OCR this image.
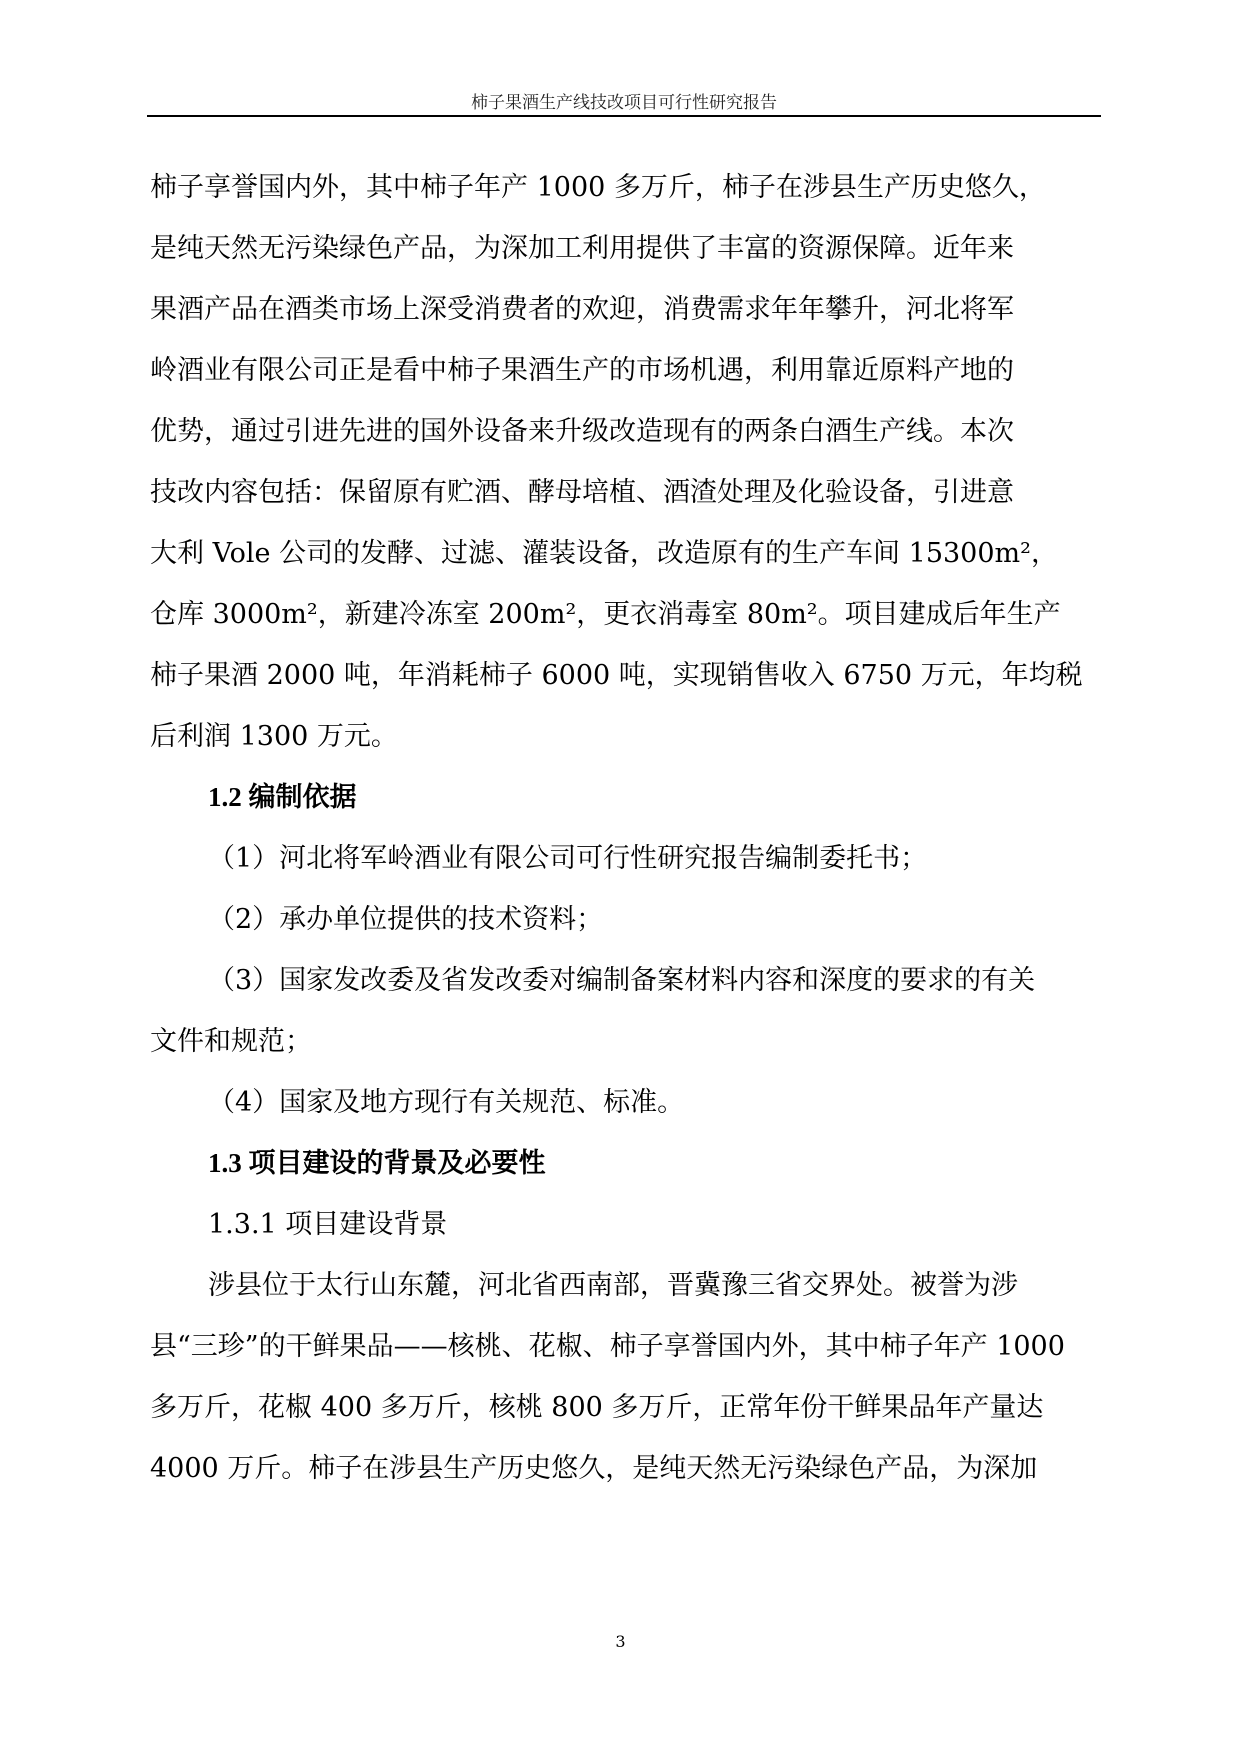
柿子果酒生产线技改项目可行性研究报告
柿子享誉国内外，其中柿子年产 1000 多万斤，柿子在涉县生产历史悠久，
是纯天然无污染绿色产品，为深加工利用提供了丰富的资源保障。近年来
果酒产品在酒类市场上深受消费者的欢迎，消费需求年年攀升，河北将军
岭酒业有限公司正是看中柿子果酒生产的市场机遇，利用靠近原料产地的
优势，通过引进先进的国外设备来升级改造现有的两条白酒生产线。本次
技改内容包括：保留原有贮酒、酵母培植、酒渣处理及化验设备，引进意
大利 Vole 公司的发酵、过滤、灌装设备，改造原有的生产车间 15300m²，
仓库 3000m²，新建冷冻室 200m²，更衣消毒室 80m²。项目建成后年生产
柿子果酒 2000 吨，年消耗柿子 6000 吨，实现销售收入 6750 万元，年均税
后利润 1300 万元。
1.2 编制依据
（1）河北将军岭酒业有限公司可行性研究报告编制委托书；
（2）承办单位提供的技术资料；
（3）国家发改委及省发改委对编制备案材料内容和深度的要求的有关
文件和规范；
（4）国家及地方现行有关规范、标准。
1.3 项目建设的背景及必要性
1.3.1 项目建设背景
涉县位于太行山东麓，河北省西南部，晋冀豫三省交界处。被誉为涉
县“三珍”的干鲜果品——核桃、花椒、柿子享誉国内外，其中柿子年产 1000
多万斤，花椒 400 多万斤，核桃 800 多万斤，正常年份干鲜果品年产量达
4000 万斤。柿子在涉县生产历史悠久，是纯天然无污染绿色产品，为深加
3
